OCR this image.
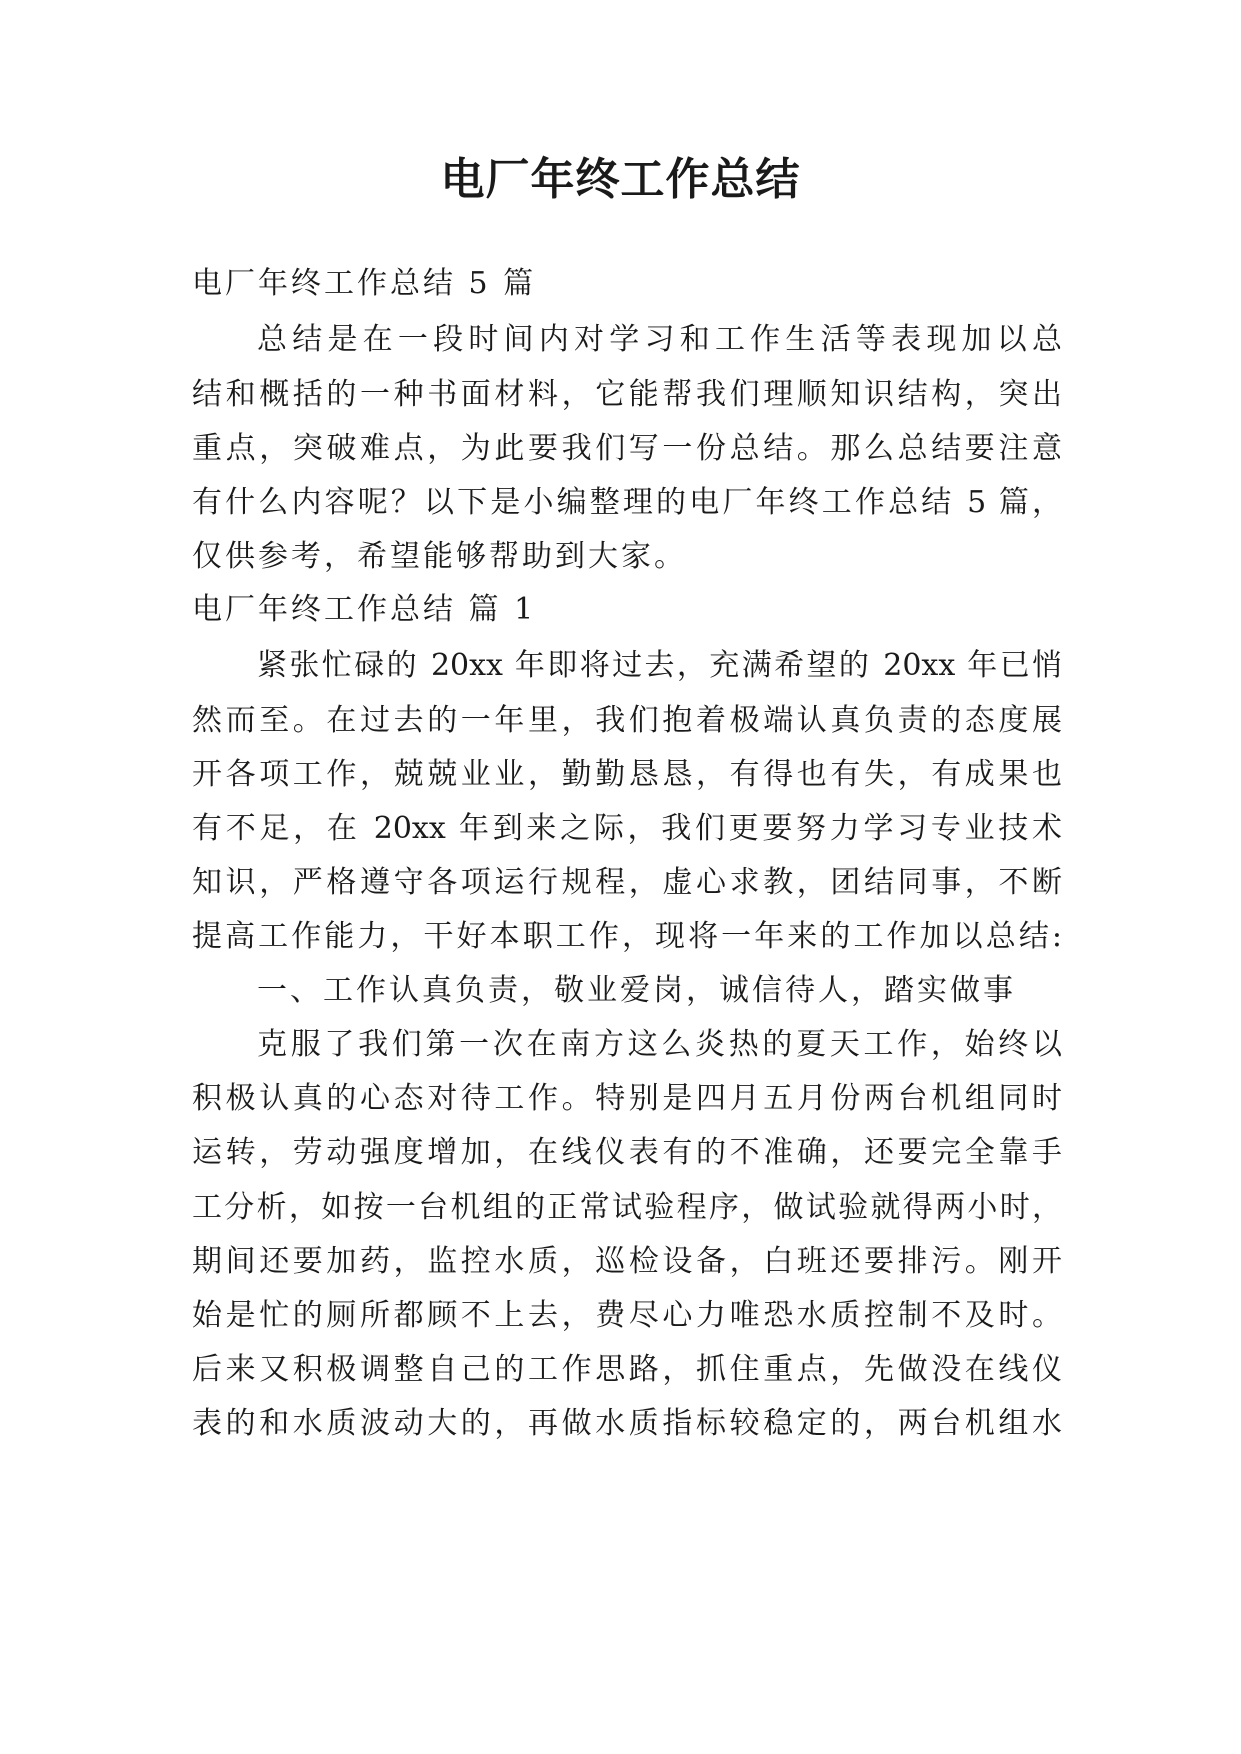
电厂年终工作总结

电厂年终工作总结 5 篇

总结是在一段时间内对学习和工作生活等表现加以总

结和概括的一种书面材料，它能帮我们理顺知识结构，突出

重点，突破难点，为此要我们写一份总结。那么总结要注意

有什么内容呢？以下是小编整理的电厂年终工作总结 5 篇，

仅供参考，希望能够帮助到大家。

电厂年终工作总结 篇 1

紧张忙碌的 20xx 年即将过去，充满希望的 20xx 年已悄

然而至。在过去的一年里，我们抱着极端认真负责的态度展

开各项工作，兢兢业业，勤勤恳恳，有得也有失，有成果也

有不足，在 20xx 年到来之际，我们更要努力学习专业技术

知识，严格遵守各项运行规程，虚心求教，团结同事，不断

提高工作能力，干好本职工作，现将一年来的工作加以总结:

一、工作认真负责，敬业爱岗，诚信待人，踏实做事

克服了我们第一次在南方这么炎热的夏天工作，始终以

积极认真的心态对待工作。特别是四月五月份两台机组同时

运转，劳动强度增加，在线仪表有的不准确，还要完全靠手

工分析，如按一台机组的正常试验程序，做试验就得两小时，

期间还要加药，监控水质，巡检设备，白班还要排污。刚开

始是忙的厕所都顾不上去，费尽心力唯恐水质控制不及时。

后来又积极调整自己的工作思路，抓住重点，先做没在线仪

表的和水质波动大的，再做水质指标较稳定的，两台机组水
